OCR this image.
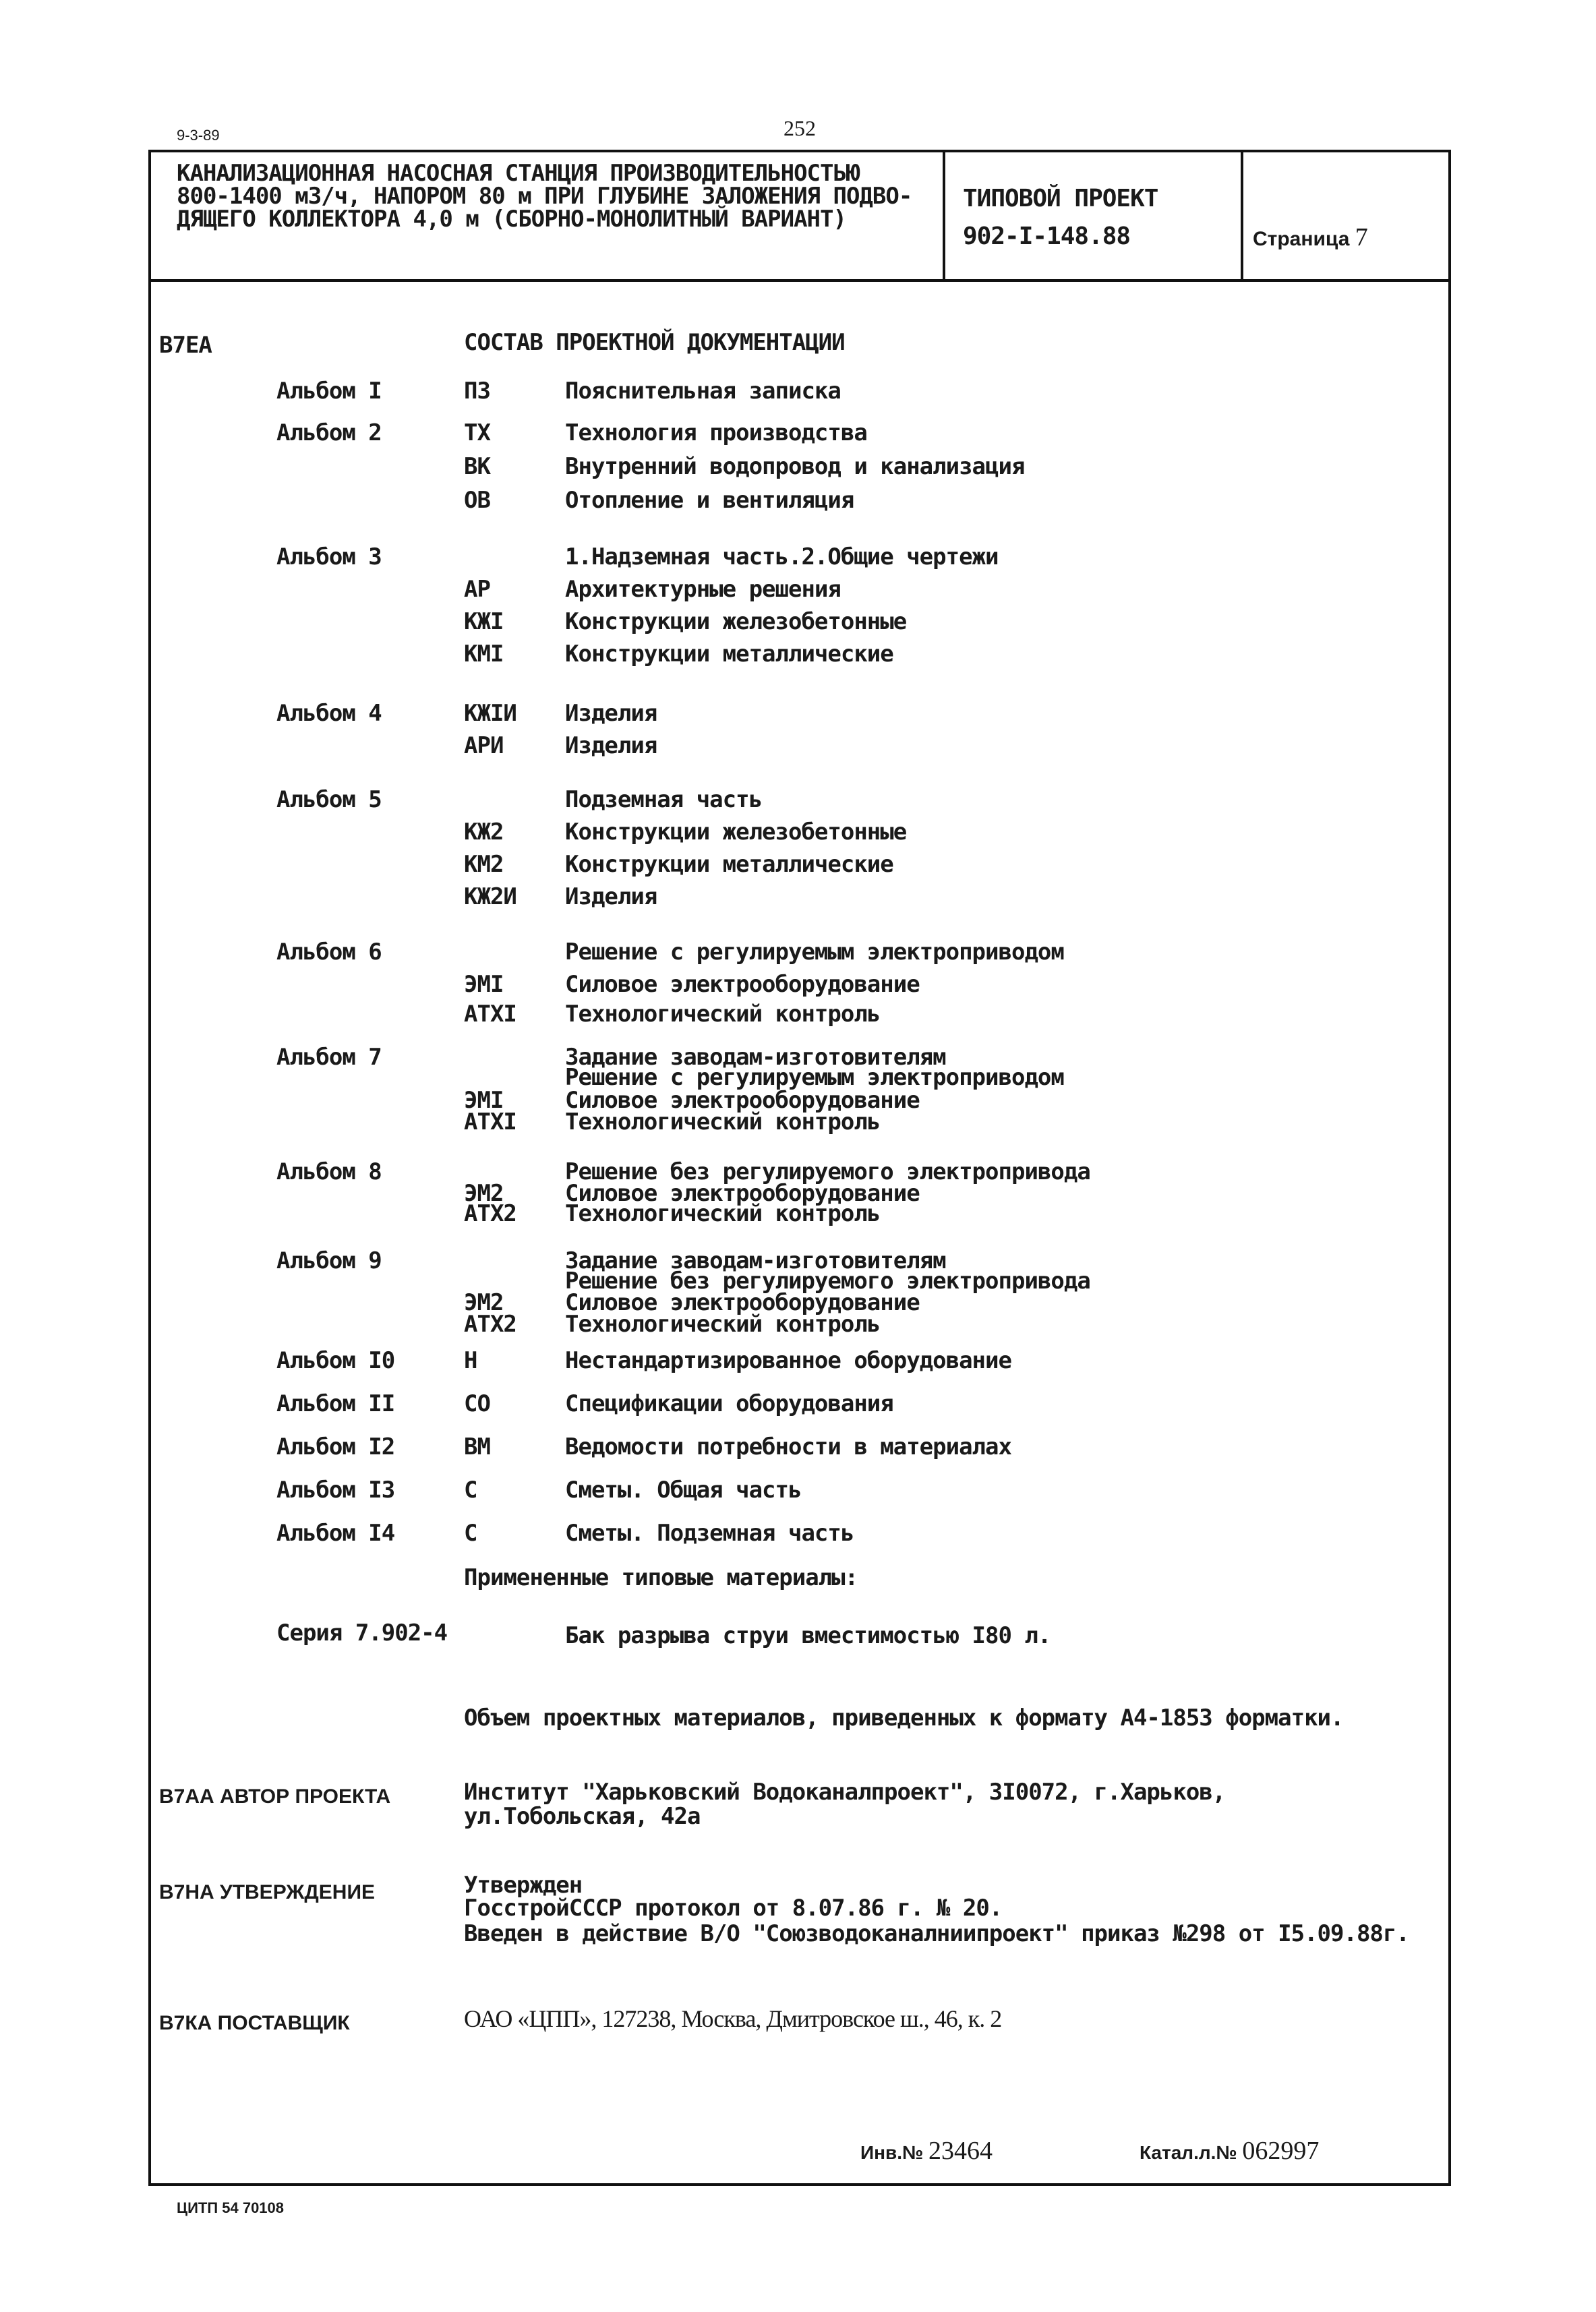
9-3-89	252
КАНАЛИЗАЦИОННАЯ НАСОСНАЯ СТАНЦИЯ ПРОИЗВОДИТЕЛЬНОСТЬЮ
800-1400 м3/ч, НАПОРОМ 80 м ПРИ ГЛУБИНЕ ЗАЛОЖЕНИЯ ПОДВО-
ДЯЩЕГО КОЛЛЕКТОРА 4,0 м (СБОРНО-МОНОЛИТНЫЙ ВАРИАНТ)
ТИПОВОЙ ПРОЕКТ
902-I-148.88	Страница 7
В7ЕА	СОСТАВ ПРОЕКТНОЙ ДОКУМЕНТАЦИИ
Альбом I	ПЗ	Пояснительная записка
Альбом 2	ТХ	Технология производства
ВК	Внутренний водопровод и канализация
ОВ	Отопление и вентиляция
Альбом 3	1.Надземная часть.2.Общие чертежи
АР	Архитектурные решения
КЖI	Конструкции железобетонные
КМI	Конструкции металлические
Альбом 4	КЖIИ Изделия
АРИ	Изделия
Альбом 5	Подземная часть
КЖ2	Конструкции железобетонные
КМ2	Конструкции металлические
КЖ2И Изделия
Альбом 6	Решение с регулируемым электроприводом
ЭМI	Силовое электрооборудование
АТХI Технологический контроль
Альбом 7	Задание заводам-изготовителям
Решение с регулируемым электроприводом
ЭМI	Силовое электрооборудование
АТХI Технологический контроль
Альбом 8	Решение без регулируемого электропривода
ЭМ2	Силовое электрооборудование
АТХ2 Технологический контроль
Альбом 9	Задание заводам-изготовителям
Решение без регулируемого электропривода
ЭМ2	Силовое электрооборудование
АТХ2 Технологический контроль
Альбом I0	Н	Нестандартизированное оборудование
Альбом II	СО	Спецификации оборудования
Альбом I2	ВМ	Ведомости потребности в материалах
Альбом I3	С	Сметы. Общая часть
Альбом I4	С	Сметы. Подземная часть
Примененные типовые материалы:
Серия 7.902-4	Бак разрыва струи вместимостью I80 л.
Объем проектных материалов, приведенных к формату А4-1853 форматки.
В7АА АВТОР ПРОЕКТА	Институт "Харьковский Водоканалпроект", 3I0072, г.Харьков,
ул.Тобольская, 42а
В7НА УТВЕРЖДЕНИЕ	Утвержден
ГосстройСССР протокол от 8.07.86 г. № 20.
Введен в действие В/О "Союзводоканалниипроект" приказ №298 от I5.09.88г.
В7КА ПОСТАВЩИК	ОАО «ЦПП», 127238, Москва, Дмитровское ш., 46, к. 2
Инв.№ 23464	Катал.л.№ 062997
ЦИТП 54 70108
